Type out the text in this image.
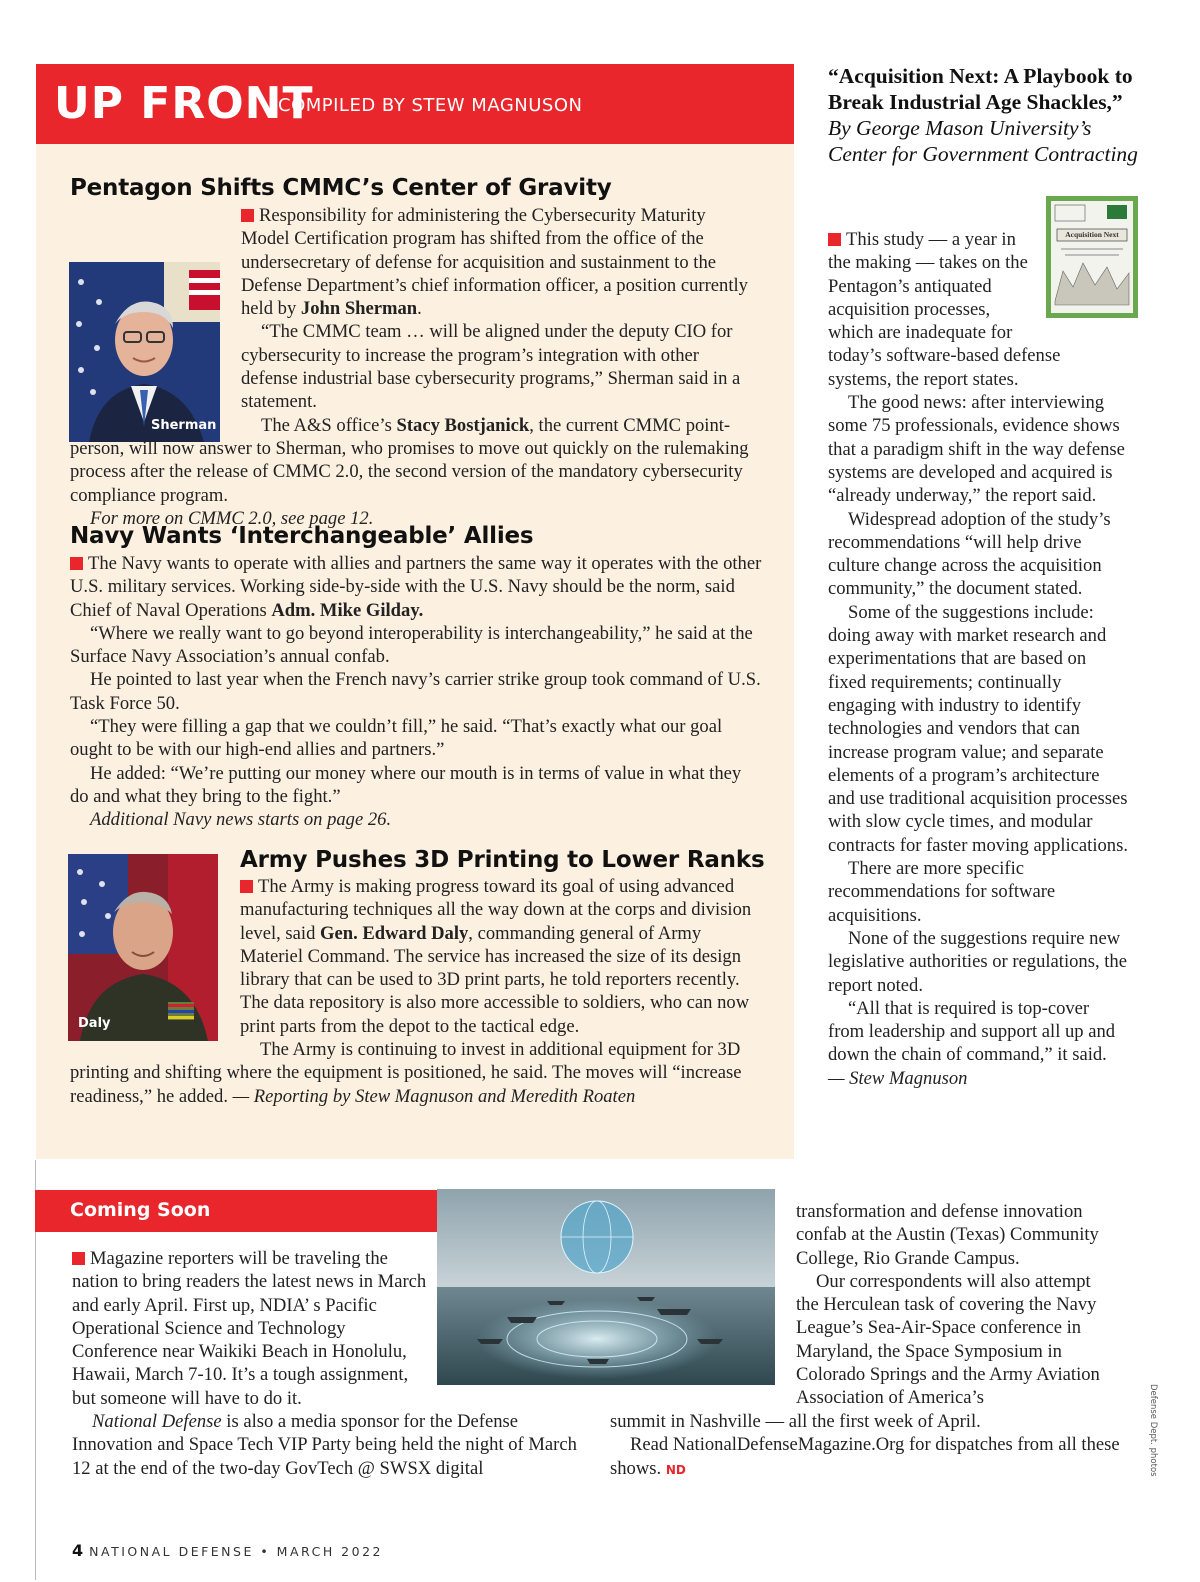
UP FRONT
COMPILED BY STEW MAGNUSON
Pentagon Shifts CMMC’s Center of Gravity
Sherman

Responsibility for administering the Cybersecurity Maturity Model Certification program has shifted from the office of the undersecretary of defense for acquisition and sustainment to the Defense Department’s chief information officer, a position currently held by John Sherman.

“The CMMC team … will be aligned under the deputy CIO for cybersecurity to increase the program’s integration with other defense industrial base cybersecurity programs,” Sherman said in a statement.

The A&S office’s Stacy Bostjanick, the current CMMC point-person, will now answer to Sherman, who promises to move out quickly on the rulemaking process after the release of CMMC 2.0, the second version of the mandatory cybersecurity compliance program.

For more on CMMC 2.0, see page 12.

Navy Wants ‘Interchangeable’ Allies

The Navy wants to operate with allies and partners the same way it operates with the other U.S. military services. Working side-by-side with the U.S. Navy should be the norm, said Chief of Naval Operations Adm. Mike Gilday.

“Where we really want to go beyond interoperability is interchangeability,” he said at the Surface Navy Association’s annual confab.

He pointed to last year when the French navy’s carrier strike group took command of U.S. Task Force 50.

“They were filling a gap that we couldn’t fill,” he said. “That’s exactly what our goal ought to be with our high-end allies and partners.”

He added: “We’re putting our money where our mouth is in terms of value in what they do and what they bring to the fight.”

Additional Navy news starts on page 26.

Daly
Army Pushes 3D Printing to Lower Ranks

The Army is making progress toward its goal of using advanced manufacturing techniques all the way down at the corps and division level, said Gen. Edward Daly, commanding general of Army Materiel Command. The service has increased the size of its design library that can be used to 3D print parts, he told reporters recently. The data repository is also more accessible to soldiers, who can now print parts from the depot to the tactical edge.

The Army is continuing to invest in additional equipment for 3D printing and shifting where the equipment is positioned, he said. The moves will “increase readiness,” he added. — Reporting by Stew Magnuson and Meredith Roaten

“Acquisition Next: A Playbook to Break Industrial Age Shackles,”
By George Mason University’s Center for Government Contracting
Acquisition Next

This study — a year in the making — takes on the Pentagon’s antiquated acquisition processes, which are inadequate for today’s software-based defense systems, the report states.

The good news: after interviewing some 75 professionals, evidence shows that a paradigm shift in the way defense systems are developed and acquired is “already underway,” the report said.

Widespread adoption of the study’s recommendations “will help drive culture change across the acquisition community,” the document stated.

Some of the suggestions include: doing away with market research and experimentations that are based on fixed requirements; continually engaging with industry to identify technologies and vendors that can increase program value; and separate elements of a program’s architecture and use traditional acquisition processes with slow cycle times, and modular contracts for faster moving applications.

There are more specific recommendations for software acquisitions.

None of the suggestions require new legislative authorities or regulations, the report noted.

“All that is required is top-cover from leadership and support all up and down the chain of command,” it said. — Stew Magnuson

Coming Soon

Magazine reporters will be traveling the nation to bring readers the latest news in March and early April. First up, NDIA’ s Pacific Operational Science and Technology Conference near Waikiki Beach in Honolulu, Hawaii, March 7-10. It’s a tough assignment, but someone will have to do it.

National Defense is also a media sponsor for the Defense Innovation and Space Tech VIP Party being held the night of March 12 at the end of the two-day GovTech @ SWSX digital

transformation and defense innovation confab at the Austin (Texas) Community College, Rio Grande Campus.

Our correspondents will also attempt the Herculean task of covering the Navy League’s Sea-Air-Space conference in Maryland, the Space Symposium in Colorado Springs and the Army Aviation Association of America’s

summit in Nashville — all the first week of April.

Read NationalDefenseMagazine.Org for dispatches from all these shows. ND

4 NATIONAL DEFENSE • MARCH 2022
Defense Dept. photos
